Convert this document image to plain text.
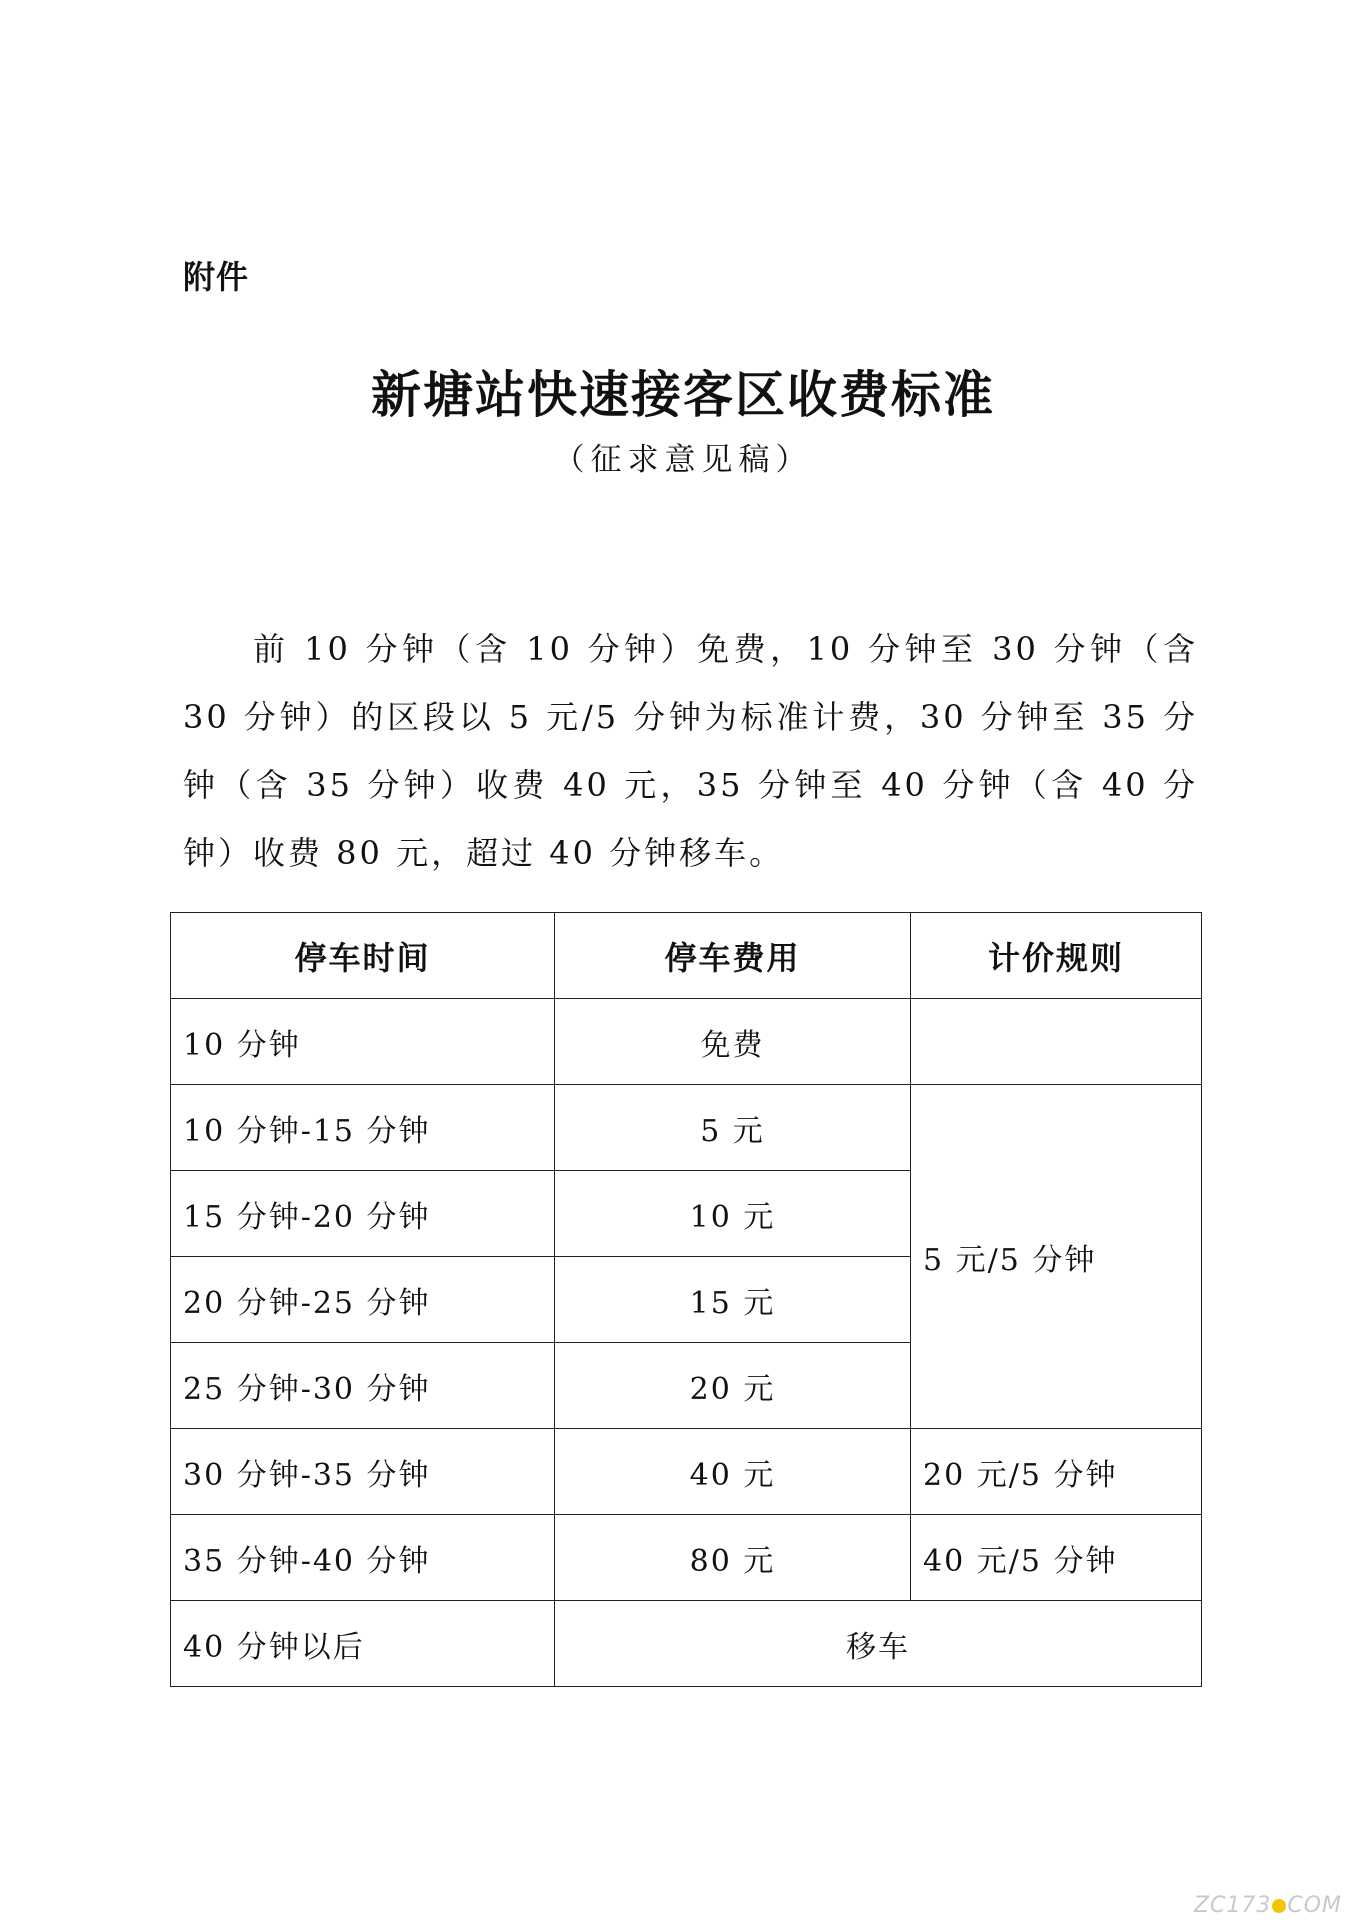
附件
新塘站快速接客区收费标准
（征求意见稿）

前 10 分钟（含 10 分钟）免费，10 分钟至 30 分钟（含 30 分钟）的区段以 5 元/5 分钟为标准计费，30 分钟至 35 分钟（含 35 分钟）收费 40 元，35 分钟至 40 分钟（含 40 分钟）收费 80 元，超过 40 分钟移车。

停车时间	停车费用	计价规则
10 分钟	免费	
10 分钟-15 分钟	5 元	5 元/5 分钟
15 分钟-20 分钟	10 元	
20 分钟-25 分钟	15 元	
25 分钟-30 分钟	20 元	
30 分钟-35 分钟	40 元	20 元/5 分钟
35 分钟-40 分钟	80 元	40 元/5 分钟
40 分钟以后	移车	
ZC173 COM
